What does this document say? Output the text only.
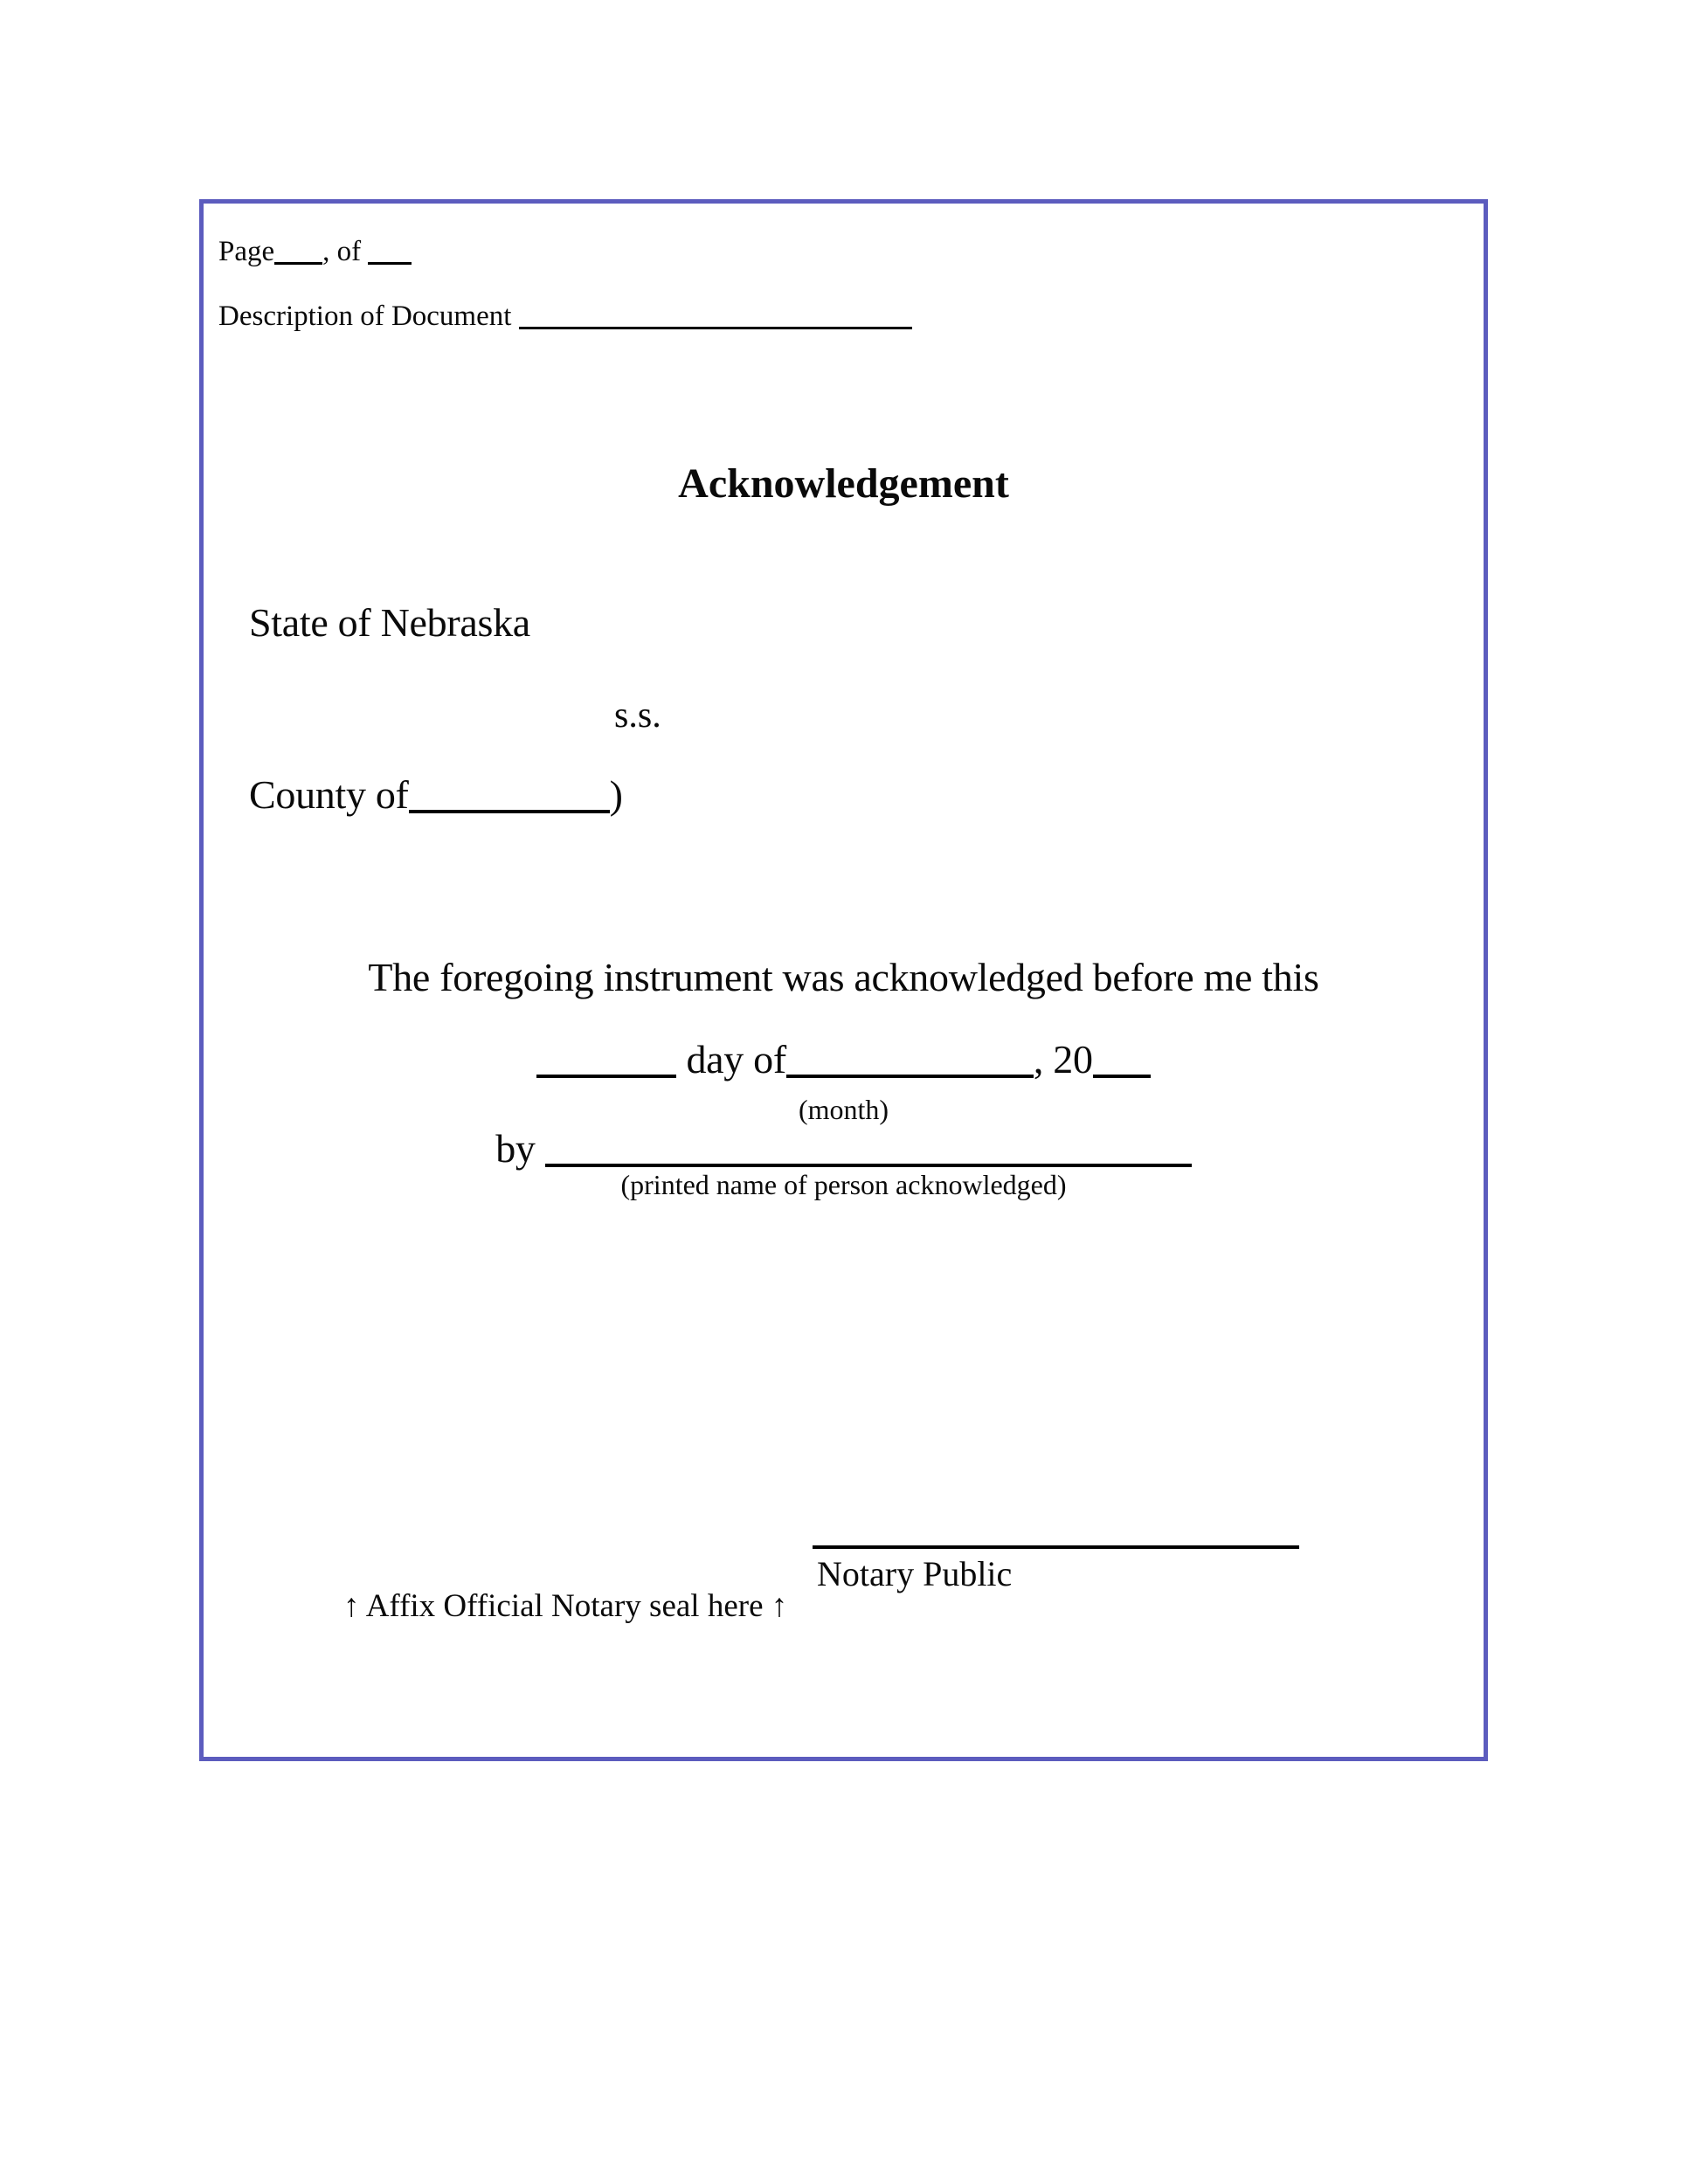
Page , of
Description of Document
Acknowledgement
State of Nebraska
s.s.
County of	)
The foregoing instrument was acknowledged before me this
day of	, 20
(month)
by
(printed name of person acknowledged)
Notary Public
↑ Affix Official Notary seal here ↑
